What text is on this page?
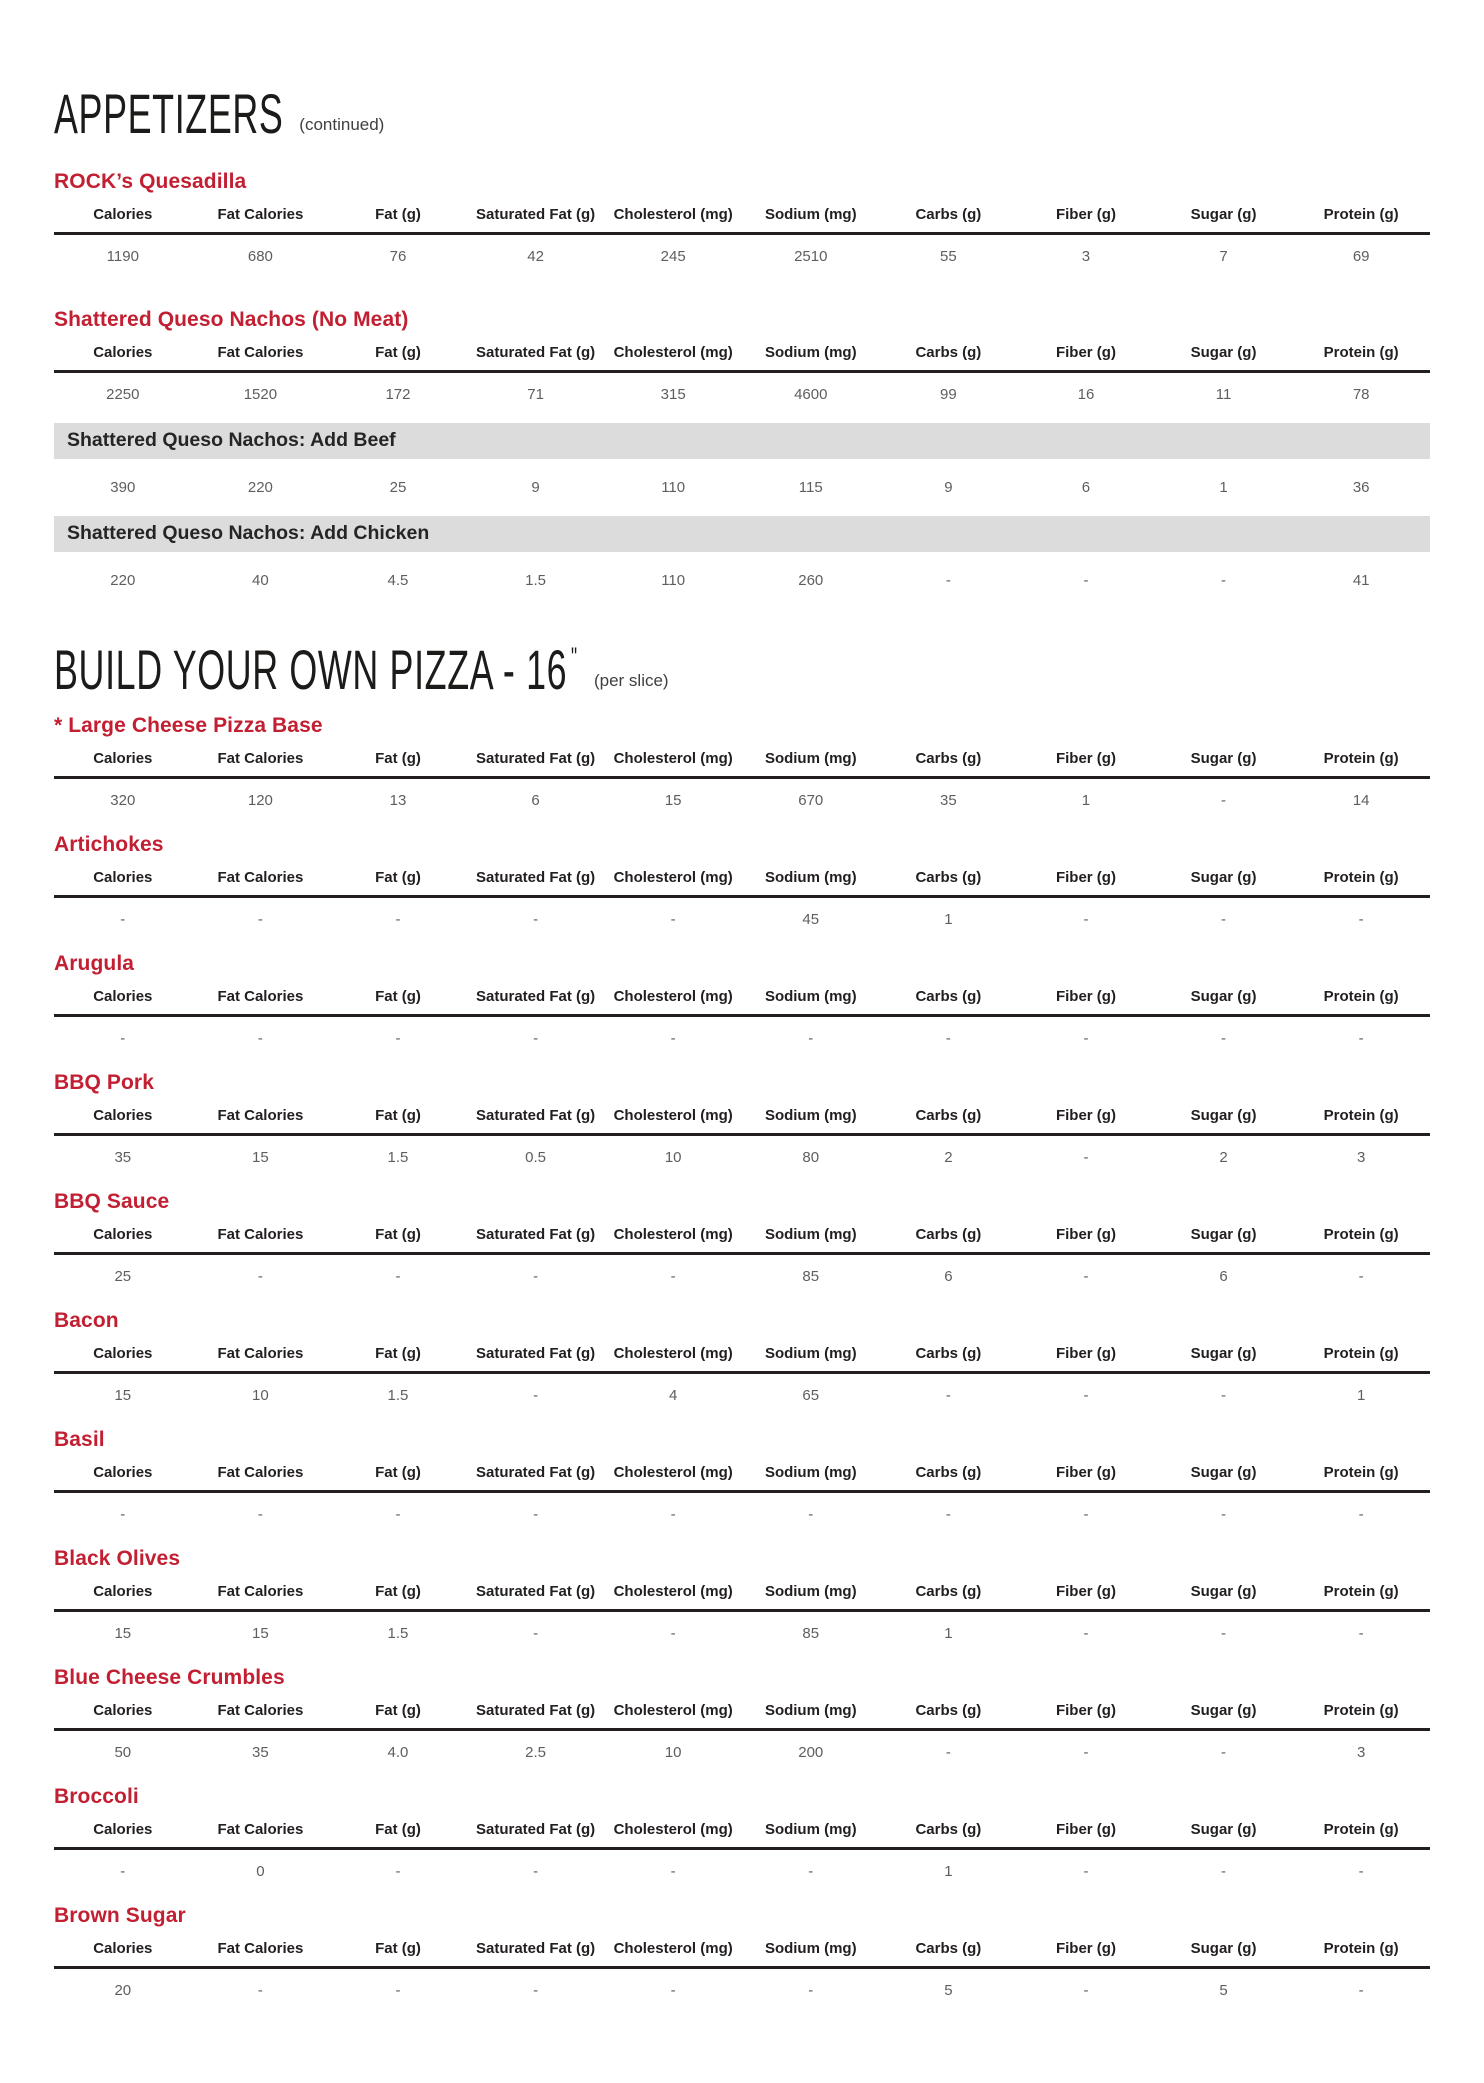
APPETIZERS (continued)
ROCK’s Quesadilla
Calories	Fat Calories	Fat (g)	Saturated Fat (g)	Cholesterol (mg)	Sodium (mg)	Carbs (g)	Fiber (g)	Sugar (g)	Protein (g)
1190	680	76	42	245	2510	55	3	7	69
Shattered Queso Nachos (No Meat)
Calories	Fat Calories	Fat (g)	Saturated Fat (g)	Cholesterol (mg)	Sodium (mg)	Carbs (g)	Fiber (g)	Sugar (g)	Protein (g)
2250	1520	172	71	315	4600	99	16	11	78
Shattered Queso Nachos: Add Beef									
390	220	25	9	110	115	9	6	1	36
Shattered Queso Nachos: Add Chicken									
220	40	4.5	1.5	110	260	-	-	-	41
BUILD YOUR OWN PIZZA - 16 "
(per slice)
* Large Cheese Pizza Base
Calories	Fat Calories	Fat (g)	Saturated Fat (g)	Cholesterol (mg)	Sodium (mg)	Carbs (g)	Fiber (g)	Sugar (g)	Protein (g)
320	120	13	6	15	670	35	1	-	14
Artichokes
Calories	Fat Calories	Fat (g)	Saturated Fat (g)	Cholesterol (mg)	Sodium (mg)	Carbs (g)	Fiber (g)	Sugar (g)	Protein (g)
-	-	-	-	-	45	1	-	-	-
Arugula
Calories	Fat Calories	Fat (g)	Saturated Fat (g)	Cholesterol (mg)	Sodium (mg)	Carbs (g)	Fiber (g)	Sugar (g)	Protein (g)
-	-	-	-	-	-	-	-	-	-
BBQ Pork
Calories	Fat Calories	Fat (g)	Saturated Fat (g)	Cholesterol (mg)	Sodium (mg)	Carbs (g)	Fiber (g)	Sugar (g)	Protein (g)
35	15	1.5	0.5	10	80	2	-	2	3
BBQ Sauce
Calories	Fat Calories	Fat (g)	Saturated Fat (g)	Cholesterol (mg)	Sodium (mg)	Carbs (g)	Fiber (g)	Sugar (g)	Protein (g)
25	-	-	-	-	85	6	-	6	-
Bacon
Calories	Fat Calories	Fat (g)	Saturated Fat (g)	Cholesterol (mg)	Sodium (mg)	Carbs (g)	Fiber (g)	Sugar (g)	Protein (g)
15	10	1.5	-	4	65	-	-	-	1
Basil
Calories	Fat Calories	Fat (g)	Saturated Fat (g)	Cholesterol (mg)	Sodium (mg)	Carbs (g)	Fiber (g)	Sugar (g)	Protein (g)
-	-	-	-	-	-	-	-	-	-
Black Olives
Calories	Fat Calories	Fat (g)	Saturated Fat (g)	Cholesterol (mg)	Sodium (mg)	Carbs (g)	Fiber (g)	Sugar (g)	Protein (g)
15	15	1.5	-	-	85	1	-	-	-
Blue Cheese Crumbles
Calories	Fat Calories	Fat (g)	Saturated Fat (g)	Cholesterol (mg)	Sodium (mg)	Carbs (g)	Fiber (g)	Sugar (g)	Protein (g)
50	35	4.0	2.5	10	200	-	-	-	3
Broccoli
Calories	Fat Calories	Fat (g)	Saturated Fat (g)	Cholesterol (mg)	Sodium (mg)	Carbs (g)	Fiber (g)	Sugar (g)	Protein (g)
-	0	-	-	-	-	1	-	-	-
Brown Sugar
Calories	Fat Calories	Fat (g)	Saturated Fat (g)	Cholesterol (mg)	Sodium (mg)	Carbs (g)	Fiber (g)	Sugar (g)	Protein (g)
20	-	-	-	-	-	5	-	5	-
